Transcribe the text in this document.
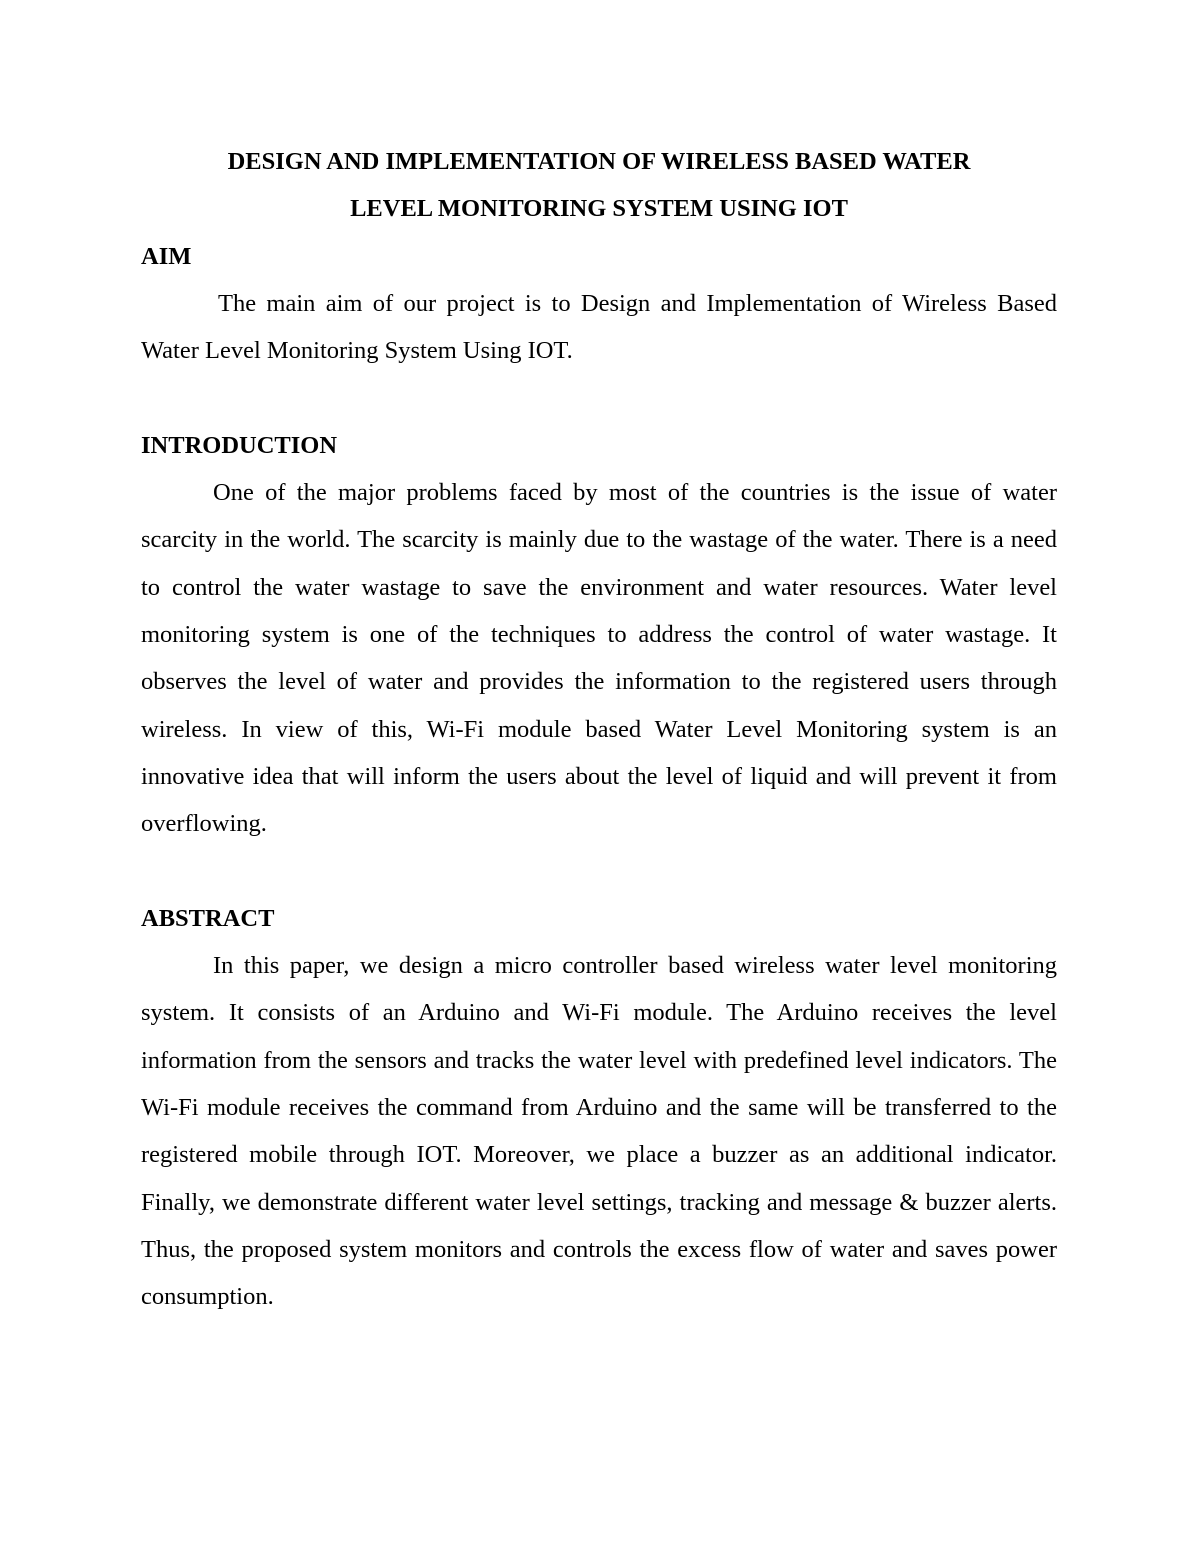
DESIGN AND IMPLEMENTATION OF WIRELESS BASED WATER

LEVEL MONITORING SYSTEM USING IOT

AIM

The main aim of our project is to Design and Implementation of Wireless Based Water Level Monitoring System Using IOT.

INTRODUCTION

One of the major problems faced by most of the countries is the issue of water scarcity in the world. The scarcity is mainly due to the wastage of the water. There is a need to control the water wastage to save the environment and water resources. Water level monitoring system is one of the techniques to address the control of water wastage. It observes the level of water and provides the information to the registered users through wireless. In view of this, Wi-Fi module based Water Level Monitoring system is an innovative idea that will inform the users about the level of liquid and will prevent it from overflowing.

ABSTRACT

In this paper, we design a micro controller based wireless water level monitoring system. It consists of an Arduino and Wi-Fi module. The Arduino receives the level information from the sensors and tracks the water level with predefined level indicators. The Wi-Fi module receives the command from Arduino and the same will be transferred to the registered mobile through IOT. Moreover, we place a buzzer as an additional indicator. Finally, we demonstrate different water level settings, tracking and message & buzzer alerts. Thus, the proposed system monitors and controls the excess flow of water and saves power consumption.
